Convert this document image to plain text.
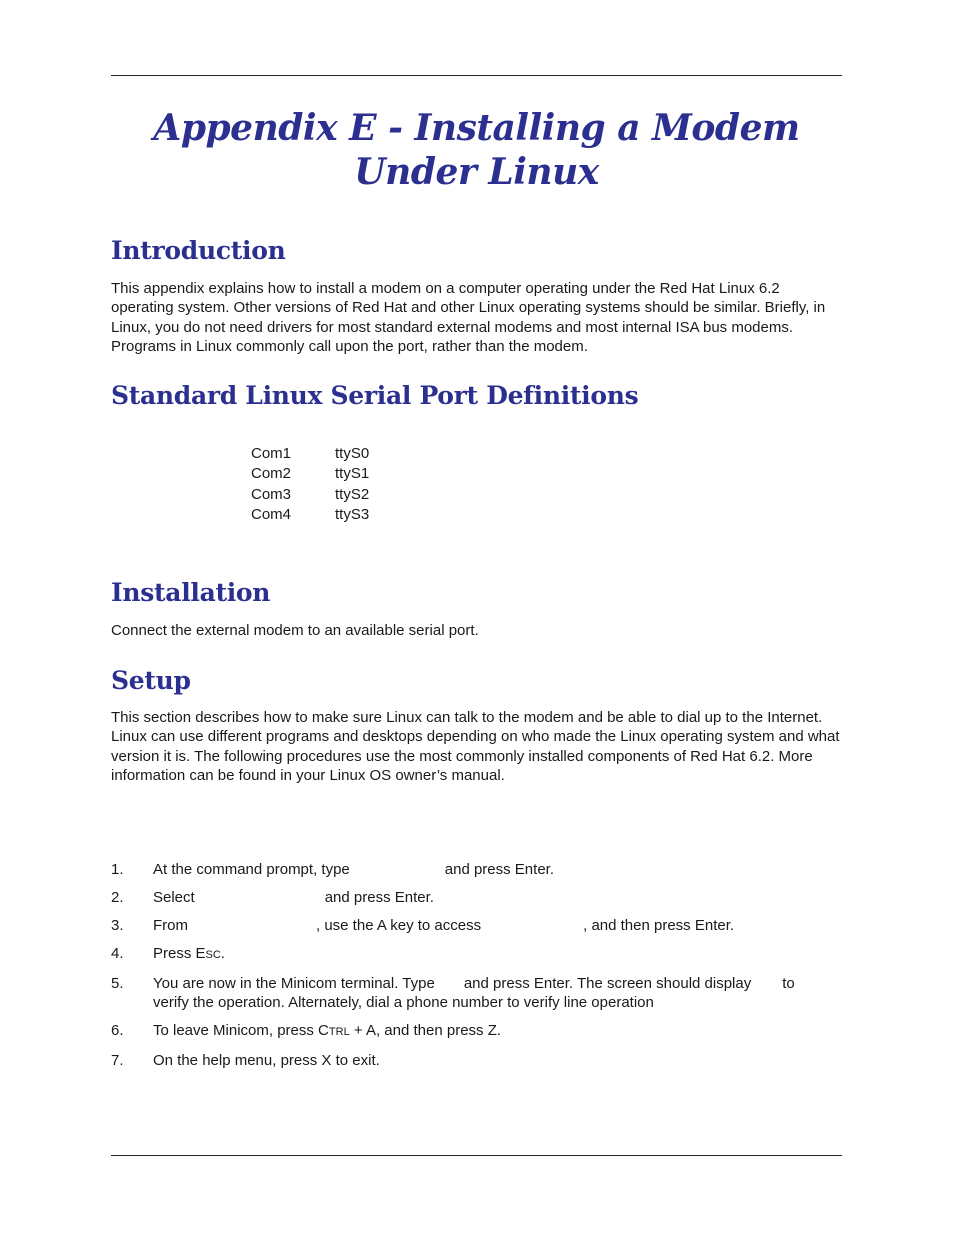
Appendix E - Installing a Modem Under Linux
Introduction

This appendix explains how to install a modem on a computer operating under the Red Hat Linux 6.2 operating system. Other versions of Red Hat and other Linux operating systems should be similar. Briefly, in Linux, you do not need drivers for most standard external modems and most internal ISA bus modems. Programs in Linux commonly call upon the port, rather than the modem.

Standard Linux Serial Port Definitions
Com1	ttyS0
Com2	ttyS1
Com3	ttyS2
Com4	ttyS3
Installation

Connect the external modem to an available serial port.

Setup

This section describes how to make sure Linux can talk to the modem and be able to dial up to the Internet. Linux can use different programs and desktops depending on who made the Linux operating system and what version it is. The following procedures use the most commonly installed components of Red Hat 6.2. More information can be found in your Linux OS owner’s manual.

1. At the command prompt, type	and press Enter.
2. Select	and press Enter.
3. From	, use the A key to access	, and then press Enter.
4. Press ESC.
5. You are now in the Minicom terminal. Type and press Enter. The screen should display to
verify the operation. Alternately, dial a phone number to verify line operation
6. To leave Minicom, press CTRL + A, and then press Z.
7. On the help menu, press X to exit.
